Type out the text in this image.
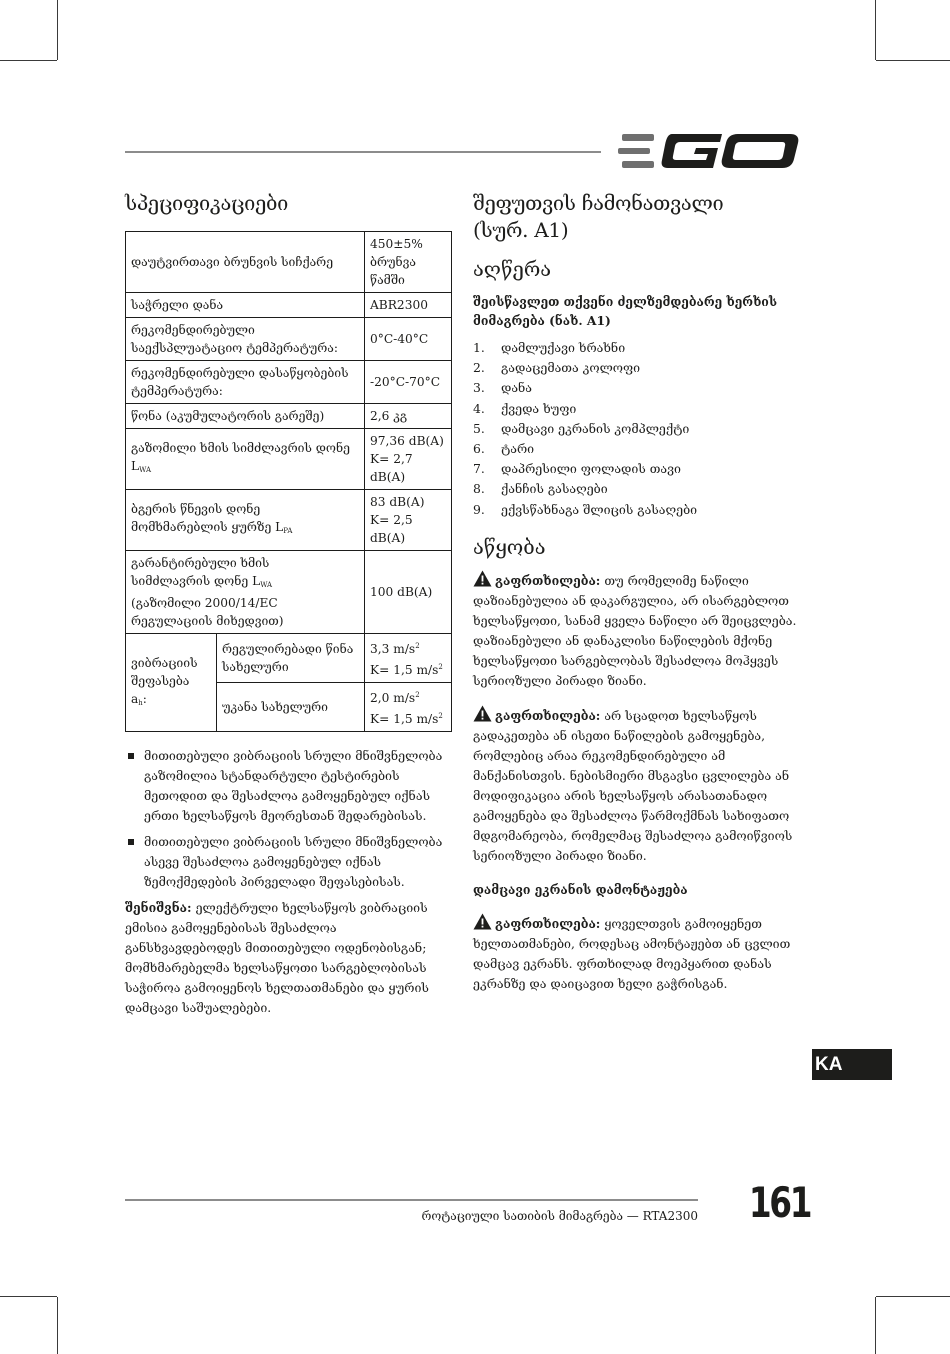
სპეციფიკაციები
დაუტვირთავი ბრუნვის სიჩქარე		450±5% ბრუნვა წამში
საჭრელი დანა		ABR2300
რეკომენდირებული საექსპლუატაციო ტემპერატურა:		0°C-40°C
რეკომენდირებული დასაწყობების ტემპერატურა:		-20°C-70°C
წონა (აკუმულატორის გარეშე)		2,6 კგ
გაზომილი ხმის სიმძლავრის დონე $L_{WA}$		97,36 dB(A)
K= 2,7 dB(A)
ბგერის წნევის დონე
მომხმარებლის ყურზე $L_{PA}$		83 dB(A)
K= 2,5 dB(A)
გარანტირებული ხმის
სიმძლავრის დონე $L_{WA}$
(გაზომილი 2000/14/EC რეგულაციის მიხედვით)		100 dB(A)
ვიბრაციის შეფასება
$a_h$:	რეგულირებადი წინა სახელური	3,3 $m/s^2$
K= 1,5 $m/s^2$
	უკანა სახელური	2,0 $m/s^2$
K= 1,5 $m/s^2$
მითითებული ვიბრაციის სრული მნიშვნელობა გაზომილია სტანდარტული ტესტირების მეთოდით და შესაძლოა გამოყენებულ იქნას ერთი ხელსაწყოს მეორესთან შედარებისას.
მითითებული ვიბრაციის სრული მნიშვნელობა ასევე შესაძლოა გამოყენებულ იქნას ზემოქმედების პირველადი შეფასებისას.

შენიშვნა: ელექტრული ხელსაწყოს ვიბრაციის ემისია გამოყენებისას შესაძლოა განსხვავდებოდეს მითითებული ოდენობისგან; მომხმარებელმა ხელსაწყოთი სარგებლობისას საჭიროა გამოიყენოს ხელთათმანები და ყურის დამცავი საშუალებები.

შეფუთვის ჩამონათვალი
(სურ. A1)
აღწერა

შეისწავლეთ თქვენი ძელზემდებარე ხერხის მიმაგრება (ნახ. A1)

1.	დამლუქავი ხრახნი
2.	გადაცემათა კოლოფი
3.	დანა
4.	ქვედა ხუფი
5.	დამცავი ეკრანის კომპლექტი
6.	ტარი
7.	დაპრესილი ფოლადის თავი
8.	ქანჩის გასაღები
9.	ექვსწახნაგა შლიცის გასაღები
აწყობა

გაფრთხილება: თუ რომელიმე ნაწილი დაზიანებულია ან დაკარგულია, არ ისარგებლოთ ხელსაწყოთი, სანამ ყველა ნაწილი არ შეიცვლება. დაზიანებული ან დანაკლისი ნაწილების მქონე ხელსაწყოთი სარგებლობას შესაძლოა მოჰყვეს სერიოზული პირადი ზიანი.

გაფრთხილება: არ სცადოთ ხელსაწყოს გადაკეთება ან ისეთი ნაწილების გამოყენება, რომლებიც არაა რეკომენდირებული ამ მანქანისთვის. ნებისმიერი მსგავსი ცვლილება ან მოდიფიკაცია არის ხელსაწყოს არასათანადო გამოყენება და შესაძლოა წარმოქმნას სახიფათო მდგომარეობა, რომელმაც შესაძლოა გამოიწვიოს სერიოზული პირადი ზიანი.

დამცავი ეკრანის დამონტაჟება

გაფრთხილება: ყოველთვის გამოიყენეთ ხელთათმანები, როდესაც ამონტაჟებთ ან ცვლით დამცავ ეკრანს. ფრთხილად მოეპყარით დანას ეკრანზე და დაიცავით ხელი გაჭრისგან.

KA
როტაციული სათიბის მიმაგრება — RTA2300 161
